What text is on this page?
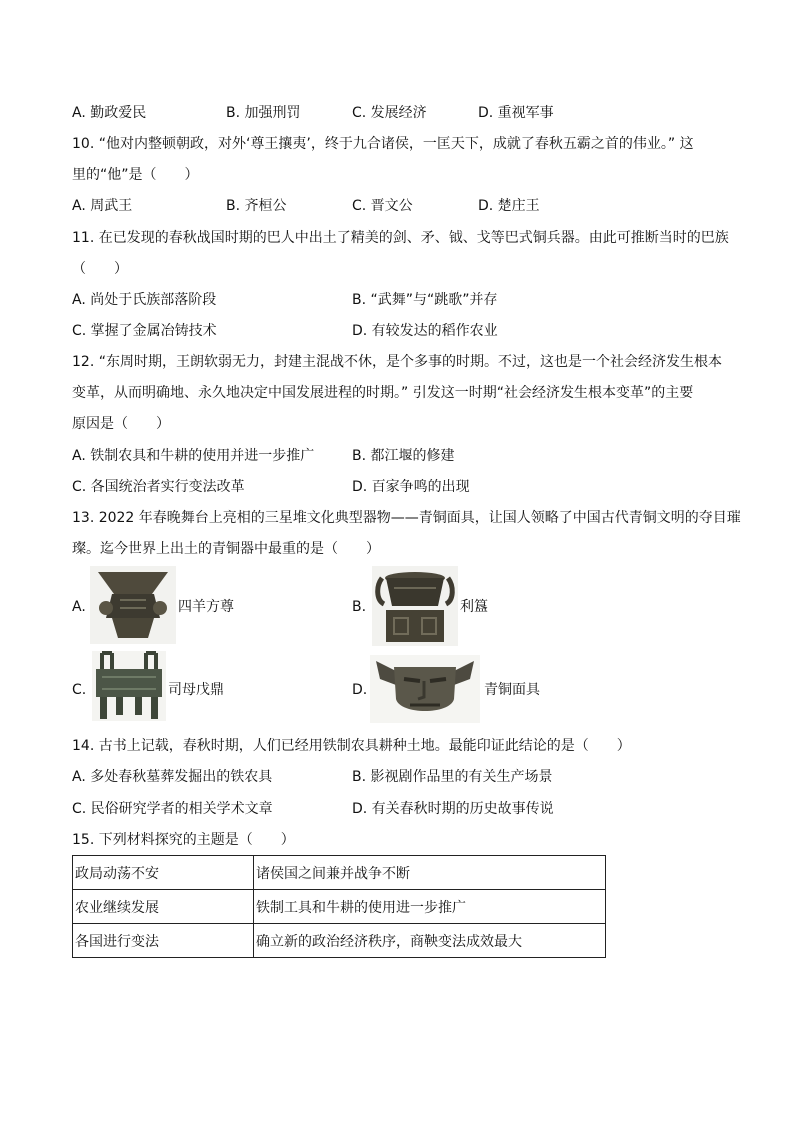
A. 勤政爱民	B. 加强刑罚	C. 发展经济	D. 重视军事
10. “他对内整顿朝政，对外‘尊王攘夷’，终于九合诸侯，一匡天下，成就了春秋五霸之首的伟业。” 这
里的“他”是（　　）
A. 周武王	B. 齐桓公	C. 晋文公	D. 楚庄王
11. 在已发现的春秋战国时期的巴人中出土了精美的剑、矛、钺、戈等巴式铜兵器。由此可推断当时的巴族
（　　）
A. 尚处于氏族部落阶段	B. “武舞”与“跳歌”并存
C. 掌握了金属冶铸技术	D. 有较发达的稻作农业
12. “东周时期，王朗软弱无力，封建主混战不休，是个多事的时期。不过，这也是一个社会经济发生根本
变革，从而明确地、永久地决定中国发展进程的时期。” 引发这一时期“社会经济发生根本变革”的主要
原因是（　　）
A. 铁制农具和牛耕的使用并进一步推广	B. 都江堰的修建
C. 各国统治者实行变法改革	D. 百家争鸣的出现
13. 2022 年春晚舞台上亮相的三星堆文化典型器物——青铜面具，让国人领略了中国古代青铜文明的夺目璀
璨。迄今世界上出土的青铜器中最重的是（　　）
A.	四羊方尊	B.	利簋
C.	司母戊鼎	D.	青铜面具
14. 古书上记载，春秋时期，人们已经用铁制农具耕种土地。最能印证此结论的是（　　）
A. 多处春秋墓葬发掘出的铁农具	B. 影视剧作品里的有关生产场景
C. 民俗研究学者的相关学术文章	D. 有关春秋时期的历史故事传说
15. 下列材料探究的主题是（　　）
政局动荡不安	诸侯国之间兼并战争不断
农业继续发展	铁制工具和牛耕的使用进一步推广
各国进行变法	确立新的政治经济秩序，商鞅变法成效最大
